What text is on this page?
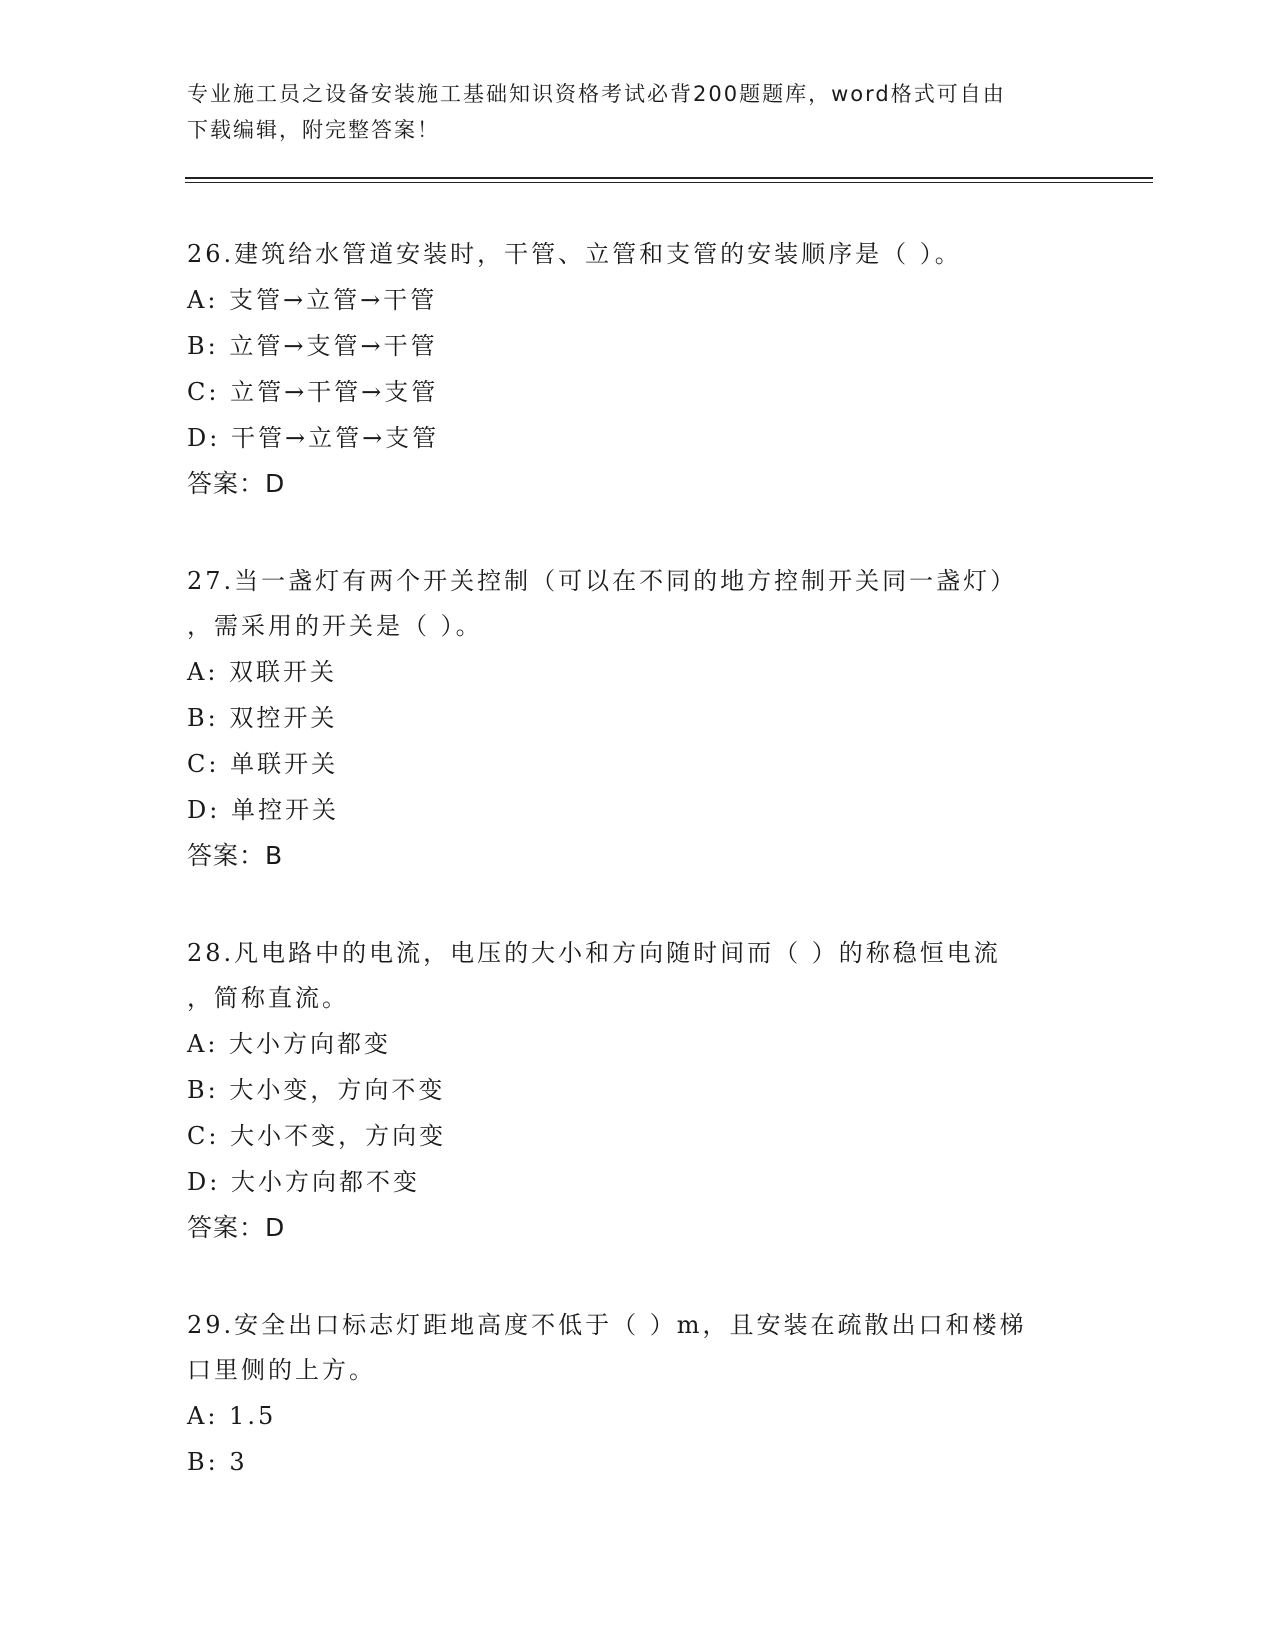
专业施工员之设备安装施工基础知识资格考试必背200题题库，word格式可自由
下载编辑，附完整答案！
26.建筑给水管道安装时，干管、立管和支管的安装顺序是（ ）。
A: 支管→立管→干管
B: 立管→支管→干管
C: 立管→干管→支管
D: 干管→立管→支管
答案：D
27.当一盏灯有两个开关控制（可以在不同的地方控制开关同一盏灯）
，需采用的开关是（ ）。
A: 双联开关
B: 双控开关
C: 单联开关
D: 单控开关
答案：B
28.凡电路中的电流，电压的大小和方向随时间而（ ）的称稳恒电流
，简称直流。
A: 大小方向都变
B: 大小变，方向不变
C: 大小不变，方向变
D: 大小方向都不变
答案：D
29.安全出口标志灯距地高度不低于（ ）m，且安装在疏散出口和楼梯
口里侧的上方。
A: 1.5
B: 3
